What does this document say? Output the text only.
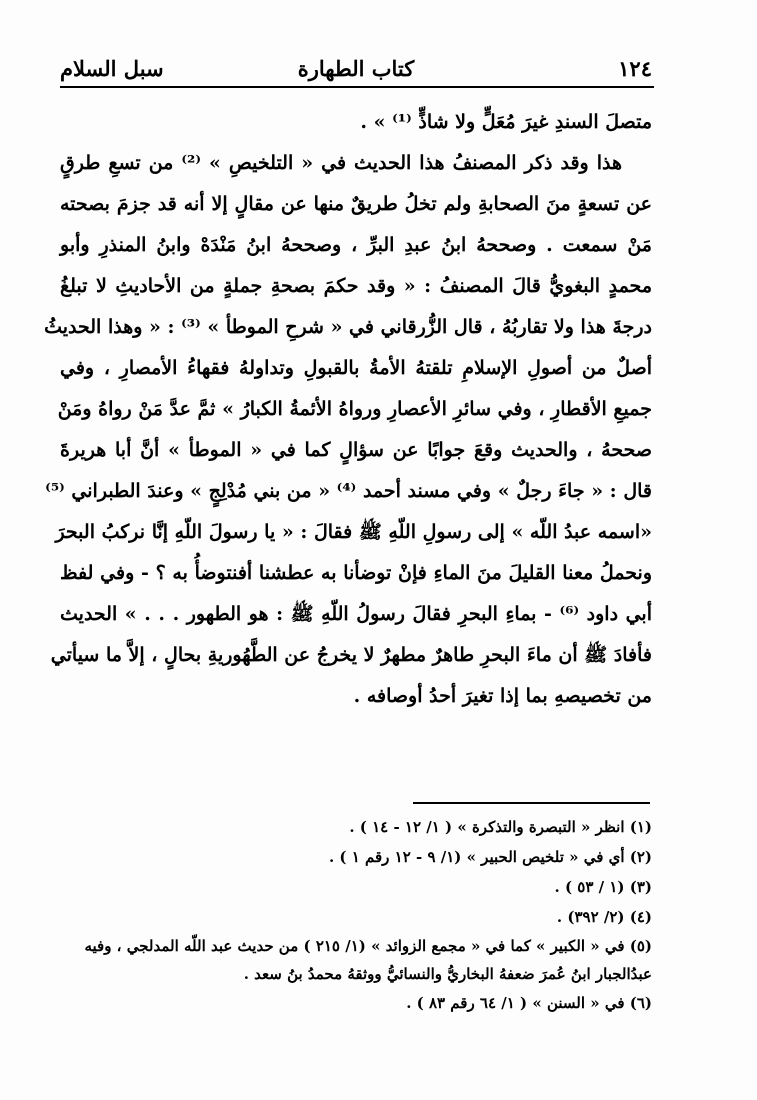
١٢٤
كتاب الطهارة
سبل السلام
متصلَ السندِ غيرَ مُعَلٍّ ولا شاذٍّ ⁽¹⁾ » .
هذا وقد ذكر المصنفُ هذا الحديث في « التلخيصِ » ⁽²⁾ من تسعِ طرقٍ
عن تسعةٍ منَ الصحابةِ ولم تخلُ طريقٌ منها عن مقالٍ إلا أنه قد جزمَ بصحته
مَنْ سمعت . وصححهُ ابنُ عبدِ البرِّ ، وصححهُ ابنُ مَنْدَهْ وابنُ المنذرِ وأبو
محمدٍ البغويُّ قالَ المصنفُ : « وقد حكمَ بصحةِ جملةٍ من الأحاديثِ لا تبلغُ
درجةَ هذا ولا تقاربُهُ ، قال الزُّرقاني في « شرحِ الموطأ » ⁽³⁾ : « وهذا الحديثُ
أصلٌ من أصولِ الإسلامِ تلقتهُ الأمةُ بالقبولِ وتداولهُ فقهاءُ الأمصارِ ، وفي
جميعِ الأقطارِ ، وفي سائرِ الأعصارِ ورواهُ الأئمةُ الكبارُ » ثمَّ عدَّ مَنْ رواهُ ومَنْ
صححهُ ، والحديث وقعَ جوابًا عن سؤالٍ كما في « الموطأ » أنَّ أبا هريرةَ
قال : « جاءَ رجلٌ » وفي مسند أحمد ⁽⁴⁾ « من بني مُدْلِجٍ » وعندَ الطبراني ⁽⁵⁾
«اسمه عبدُ اللّه » إلى رسولِ اللّهِ ﷺ فقالَ : « يا رسولَ اللّهِ إنَّا نركبُ البحرَ
ونحملُ معنا القليلَ منَ الماءِ فإنْ توضأنا به عطشنا أفنتوضأُ به ؟ - وفي لفظ
أبي داود ⁽⁶⁾ - بماءِ البحرِ فقالَ رسولُ اللّهِ ﷺ : هو الطهور . . . » الحديث
فأفادَ ﷺ أن ماءَ البحرِ طاهرٌ مطهرٌ لا يخرجُ عن الطَّهُوريةِ بحالٍ ، إلاَّ ما سيأتي
من تخصيصهِ بما إذا تغيرَ أحدُ أوصافه .
(١) انظر « التبصرة والتذكرة » ( ١/ ١٢ - ١٤ ) .
(٢) أي في « تلخيص الحبير » (١/ ٩ - ١٢ رقم ١ ) .
(٣) (١ / ٥٣ ) .
(٤) (٢/ ٣٩٢) .
(٥) في « الكبير » كما في « مجمع الزوائد » (١/ ٢١٥ ) من حديث عبد اللّه المدلجي ، وفيه عبدُالجبار ابنُ عُمرَ ضعفهُ البخاريُّ والنسائيُّ ووثقهُ محمدُ بنُ سعد .
(٦) في « السنن » ( ١/ ٦٤ رقم ٨٣ ) .
